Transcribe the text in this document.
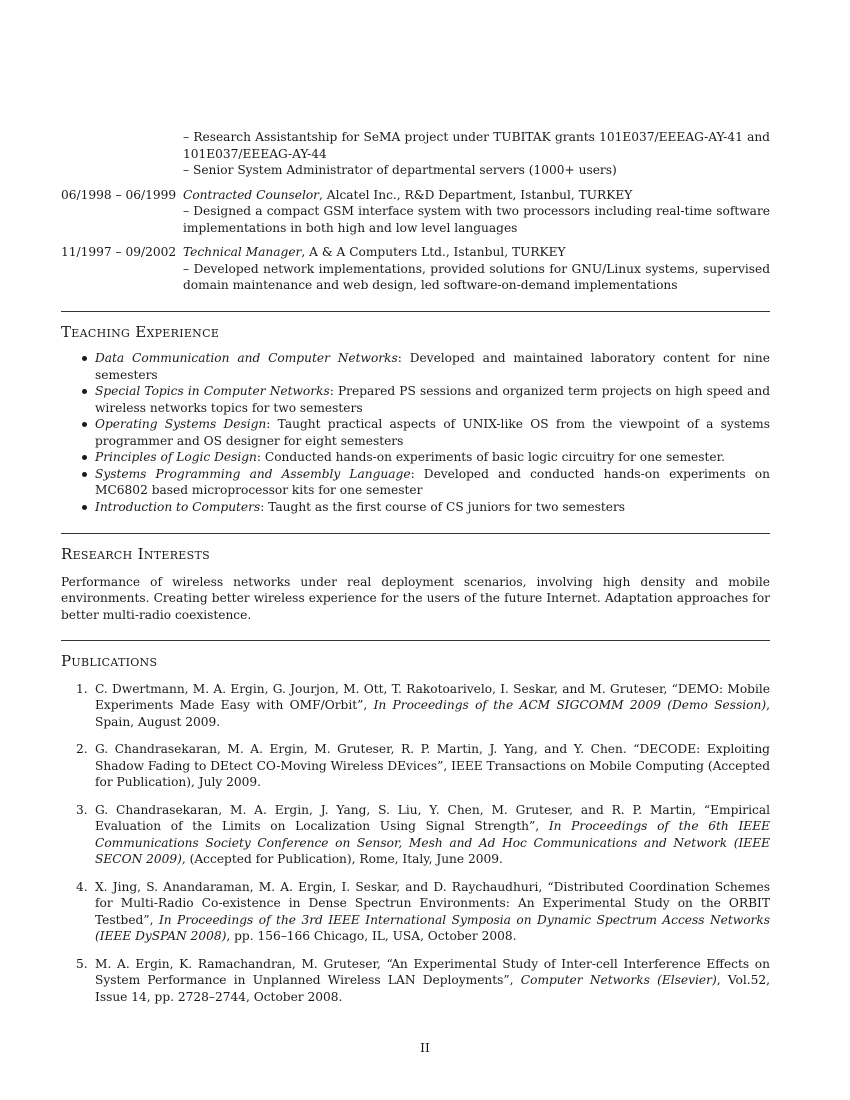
– Research Assistantship for SeMA project under TUBITAK grants 101E037/EEEAG-AY-41 and 101E037/EEEAG-AY-44
– Senior System Administrator of departmental servers (1000+ users)
06/1998 – 06/1999 Contracted Counselor, Alcatel Inc., R&D Department, Istanbul, TURKEY
– Designed a compact GSM interface system with two processors including real-time software implementations in both high and low level languages
11/1997 – 09/2002 Technical Manager, A & A Computers Ltd., Istanbul, TURKEY
– Developed network implementations, provided solutions for GNU/Linux systems, supervised domain maintenance and web design, led software-on-demand implementations
Teaching Experience
Data Communication and Computer Networks: Developed and maintained laboratory content for nine semesters
Special Topics in Computer Networks: Prepared PS sessions and organized term projects on high speed and wireless networks topics for two semesters
Operating Systems Design: Taught practical aspects of UNIX-like OS from the viewpoint of a systems programmer and OS designer for eight semesters
Principles of Logic Design: Conducted hands-on experiments of basic logic circuitry for one semester.
Systems Programming and Assembly Language: Developed and conducted hands-on experiments on MC6802 based microprocessor kits for one semester
Introduction to Computers: Taught as the first course of CS juniors for two semesters
Research Interests

Performance of wireless networks under real deployment scenarios, involving high density and mobile environments. Creating better wireless experience for the users of the future Internet. Adaptation approaches for better multi-radio coexistence.

Publications
1. C. Dwertmann, M. A. Ergin, G. Jourjon, M. Ott, T. Rakotoarivelo, I. Seskar, and M. Gruteser, “DEMO: Mobile Experiments Made Easy with OMF/Orbit”, In Proceedings of the ACM SIGCOMM 2009 (Demo Session), Spain, August 2009.
2. G. Chandrasekaran, M. A. Ergin, M. Gruteser, R. P. Martin, J. Yang, and Y. Chen. “DECODE: Exploiting Shadow Fading to DEtect CO-Moving Wireless DEvices”, IEEE Transactions on Mobile Computing (Accepted for Publication), July 2009.
3. G. Chandrasekaran, M. A. Ergin, J. Yang, S. Liu, Y. Chen, M. Gruteser, and R. P. Martin, “Empirical Evaluation of the Limits on Localization Using Signal Strength”, In Proceedings of the 6th IEEE Communications Society Conference on Sensor, Mesh and Ad Hoc Communications and Network (IEEE SECON 2009), (Accepted for Publication), Rome, Italy, June 2009.
4. X. Jing, S. Anandaraman, M. A. Ergin, I. Seskar, and D. Raychaudhuri, “Distributed Coordination Schemes for Multi-Radio Co-existence in Dense Spectrun Environments: An Experimental Study on the ORBIT Testbed”, In Proceedings of the 3rd IEEE International Symposia on Dynamic Spectrum Access Networks (IEEE DySPAN 2008), pp. 156–166 Chicago, IL, USA, October 2008.
5. M. A. Ergin, K. Ramachandran, M. Gruteser, “An Experimental Study of Inter-cell Interference Effects on System Performance in Unplanned Wireless LAN Deployments”, Computer Networks (Elsevier), Vol.52, Issue 14, pp. 2728–2744, October 2008.
II
